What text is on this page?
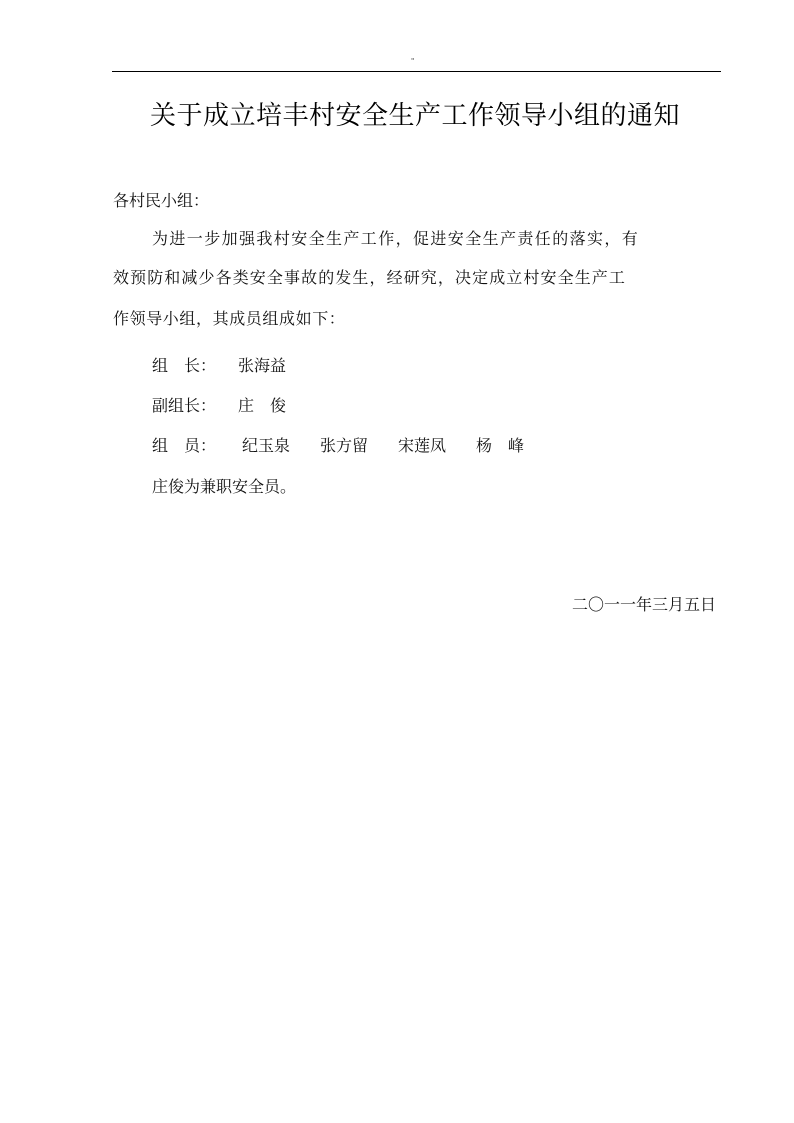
"
关于成立培丰村安全生产工作领导小组的通知
各村民小组：
为进一步加强我村安全生产工作，促进安全生产责任的落实，有
效预防和减少各类安全事故的发生，经研究，决定成立村安全生产工
作领导小组，其成员组成如下：
组　长： 张海益
副组长： 庄　俊
组　员： 纪玉泉 张方留 宋莲凤 杨　峰
庄俊为兼职安全员。
二〇一一年三月五日
